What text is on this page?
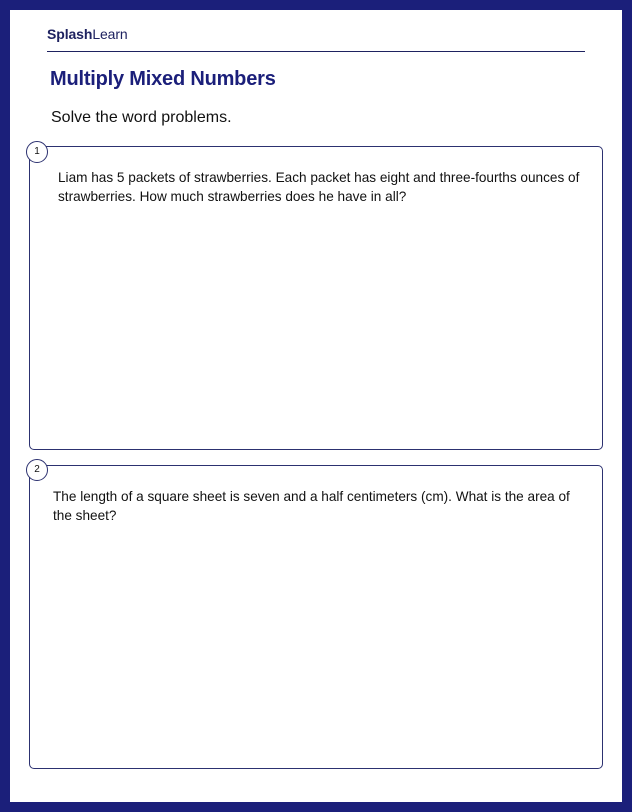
SplashLearn
Multiply Mixed Numbers
Solve the word problems.
1
Liam has 5 packets of strawberries. Each packet has eight and three-fourths ounces of strawberries. How much strawberries does he have in all?
2
The length of a square sheet is seven and a half centimeters (cm). What is the area of the sheet?
